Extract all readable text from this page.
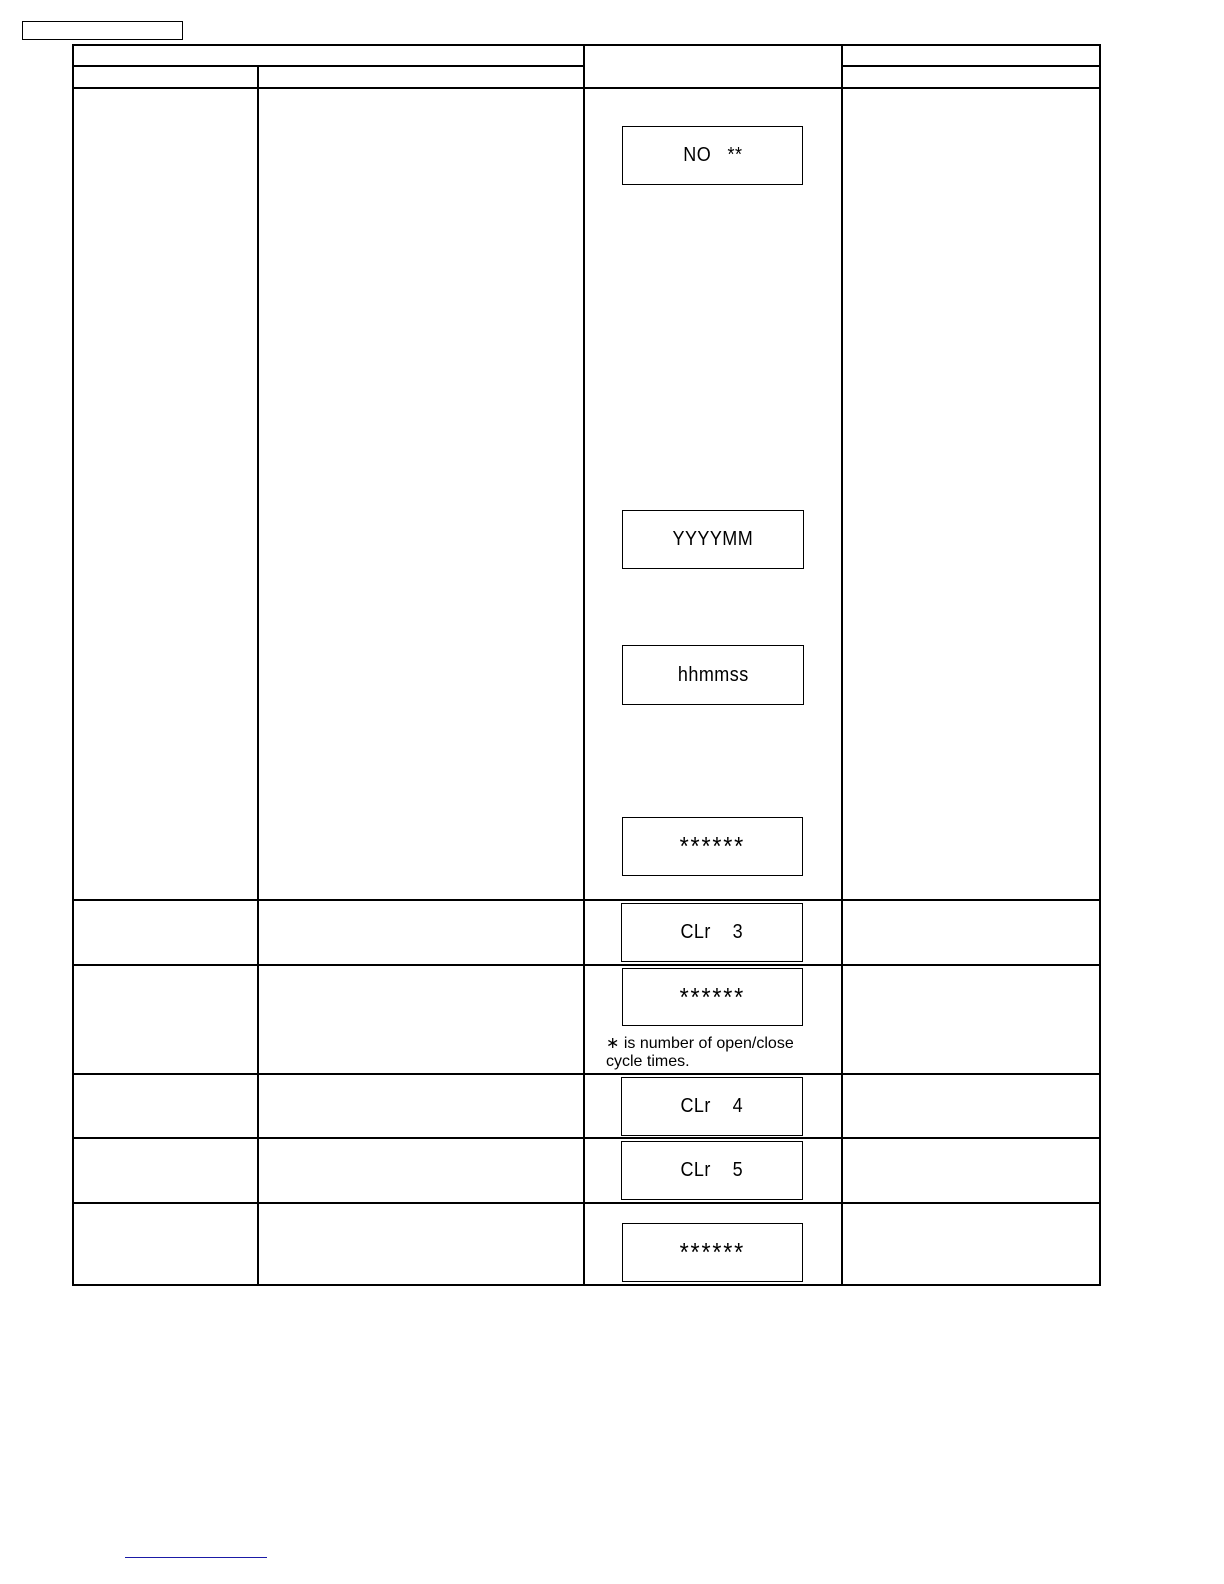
NO   **
YYYYMM
hhmmss
******
CLr    3
******
∗ is number of open/close
cycle times.
CLr    4
CLr    5
******
